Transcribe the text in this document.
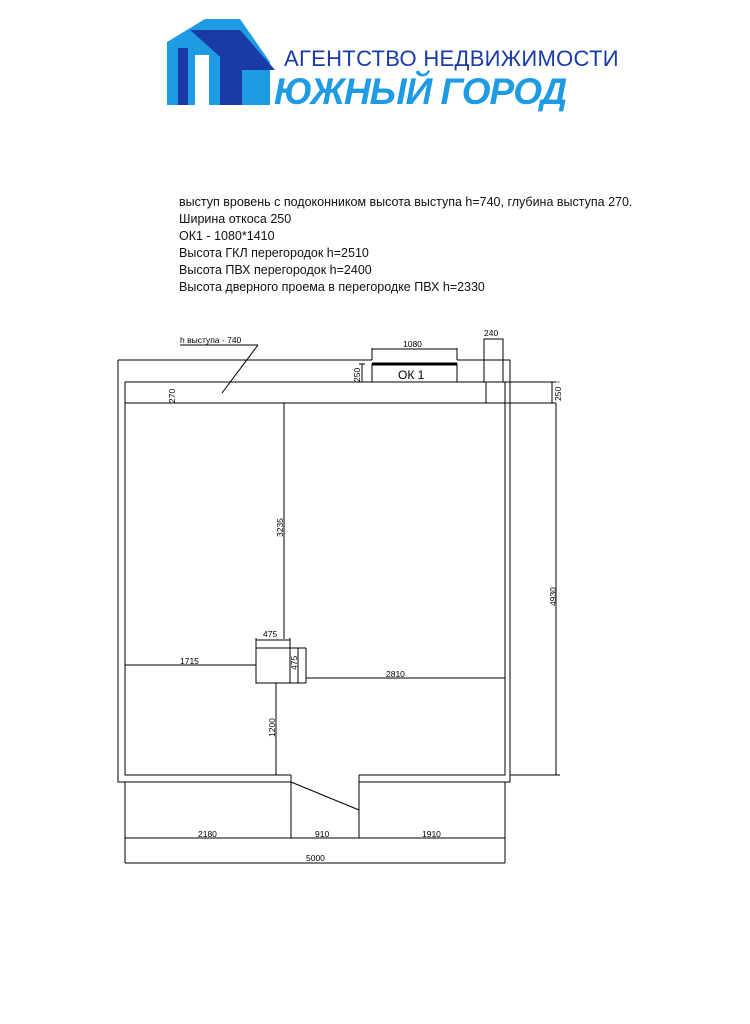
АГЕНТСТВО НЕДВИЖИМОСТИ
ЮЖНЫЙ ГОРОД
выступ вровень с подоконником высота выступа h=740, глубина выступа 270.
Ширина откоса 250
ОК1 - 1080*1410
Высота ГКЛ перегородок h=2510
Высота ПВХ перегородок h=2400
Высота дверного проема в перегородке ПВХ h=2330
h выступа - 740
ОК 1
1080
250
240
250
270
3235
4930
475
475
1715
2810
1200
2180	910	1910
5000
